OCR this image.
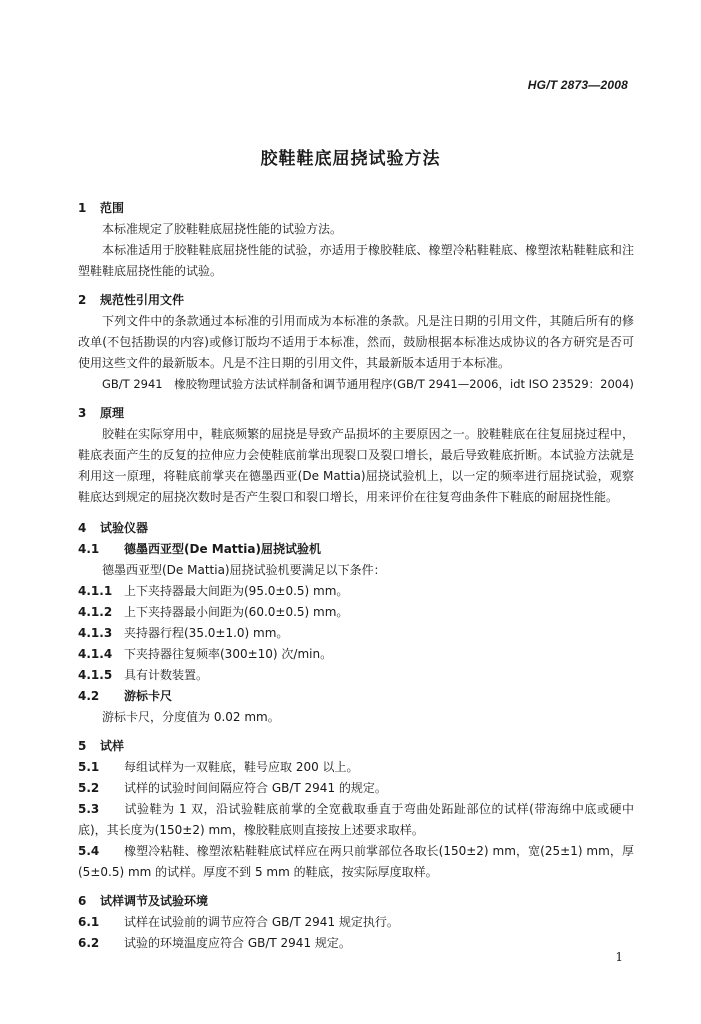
HG/T 2873—2008
胶鞋鞋底屈挠试验方法
1 范围
本标准规定了胶鞋鞋底屈挠性能的试验方法。
本标准适用于胶鞋鞋底屈挠性能的试验，亦适用于橡胶鞋底、橡塑冷粘鞋鞋底、橡塑浓粘鞋鞋底和注塑鞋鞋底屈挠性能的试验。
2 规范性引用文件
下列文件中的条款通过本标准的引用而成为本标准的条款。凡是注日期的引用文件，其随后所有的修改单(不包括勘误的内容)或修订版均不适用于本标准，然而，鼓励根据本标准达成协议的各方研究是否可使用这些文件的最新版本。凡是不注日期的引用文件，其最新版本适用于本标准。
GB/T 2941　橡胶物理试验方法试样制备和调节通用程序(GB/T 2941—2006，idt ISO 23529：2004)
3 原理
胶鞋在实际穿用中，鞋底频繁的屈挠是导致产品损坏的主要原因之一。胶鞋鞋底在往复屈挠过程中，鞋底表面产生的反复的拉伸应力会使鞋底前掌出现裂口及裂口增长，最后导致鞋底折断。本试验方法就是利用这一原理，将鞋底前掌夹在德墨西亚(De Mattia)屈挠试验机上，以一定的频率进行屈挠试验，观察鞋底达到规定的屈挠次数时是否产生裂口和裂口增长，用来评价在往复弯曲条件下鞋底的耐屈挠性能。
4 试验仪器
4.1 德墨西亚型(De Mattia)屈挠试验机
德墨西亚型(De Mattia)屈挠试验机要满足以下条件：
4.1.1 上下夹持器最大间距为(95.0±0.5) mm。
4.1.2 上下夹持器最小间距为(60.0±0.5) mm。
4.1.3 夹持器行程(35.0±1.0) mm。
4.1.4 下夹持器往复频率(300±10) 次/min。
4.1.5 具有计数装置。
4.2 游标卡尺
游标卡尺，分度值为 0.02 mm。
5 试样
5.1 每组试样为一双鞋底，鞋号应取 200 以上。
5.2 试样的试验时间间隔应符合 GB/T 2941 的规定。
5.3 试验鞋为 1 双，沿试验鞋底前掌的全宽截取垂直于弯曲处跖趾部位的试样(带海绵中底或硬中底)，其长度为(150±2) mm，橡胶鞋底则直接按上述要求取样。
5.4 橡塑冷粘鞋、橡塑浓粘鞋鞋底试样应在两只前掌部位各取长(150±2) mm，宽(25±1) mm，厚(5±0.5) mm 的试样。厚度不到 5 mm 的鞋底，按实际厚度取样。
6 试样调节及试验环境
6.1 试样在试验前的调节应符合 GB/T 2941 规定执行。
6.2 试验的环境温度应符合 GB/T 2941 规定。
1
